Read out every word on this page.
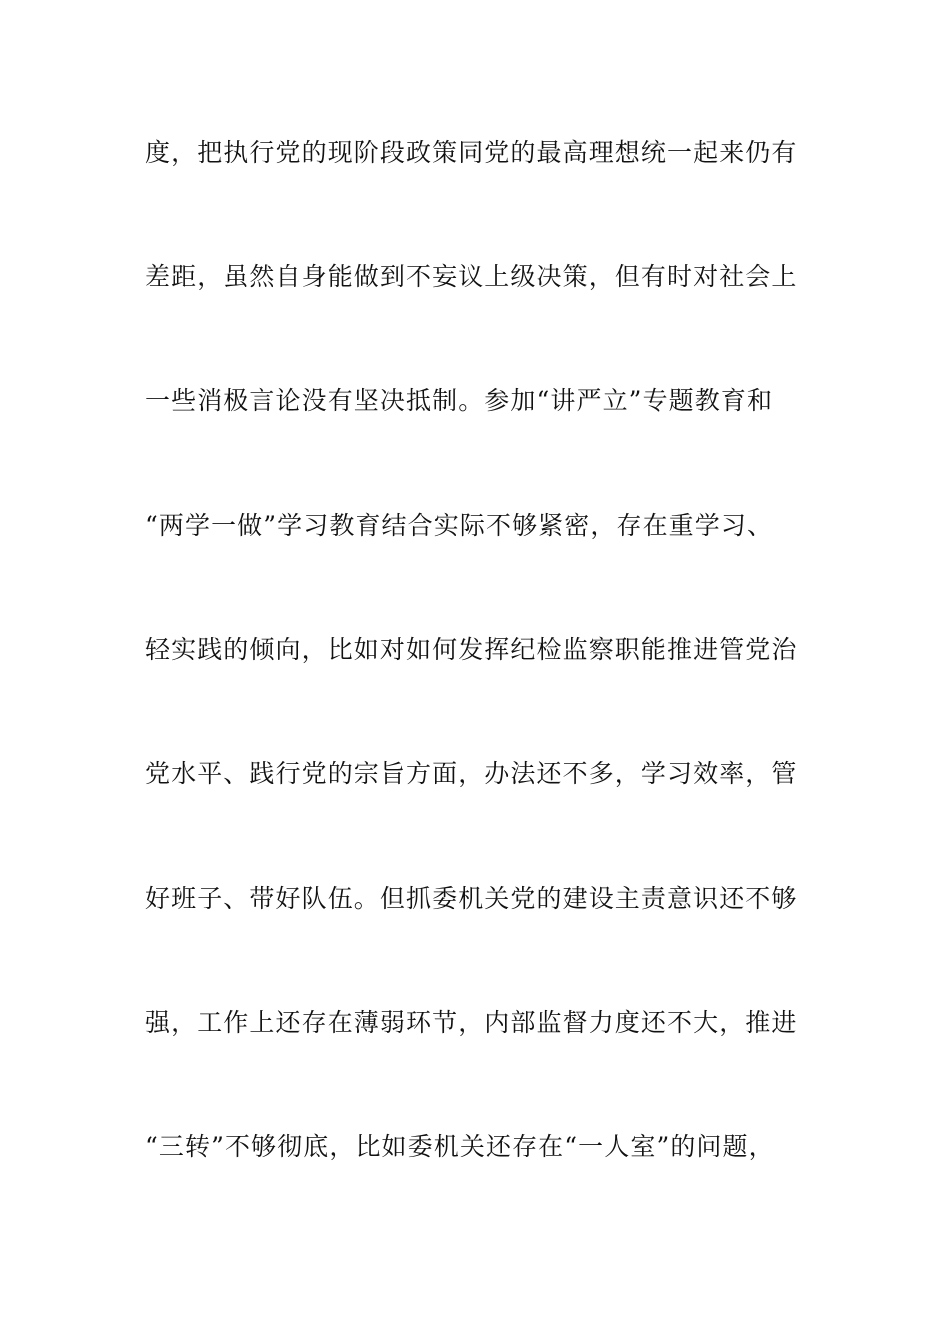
度，把执行党的现阶段政策同党的最高理想统一起来仍有
差距，虽然自身能做到不妄议上级决策，但有时对社会上
一些消极言论没有坚决抵制。参加“讲严立”专题教育和
“两学一做”学习教育结合实际不够紧密，存在重学习、
轻实践的倾向，比如对如何发挥纪检监察职能推进管党治
党水平、践行党的宗旨方面，办法还不多，学习效率，管
好班子、带好队伍。但抓委机关党的建设主责意识还不够
强，工作上还存在薄弱环节，内部监督力度还不大，推进
“三转”不够彻底，比如委机关还存在“一人室”的问题，
